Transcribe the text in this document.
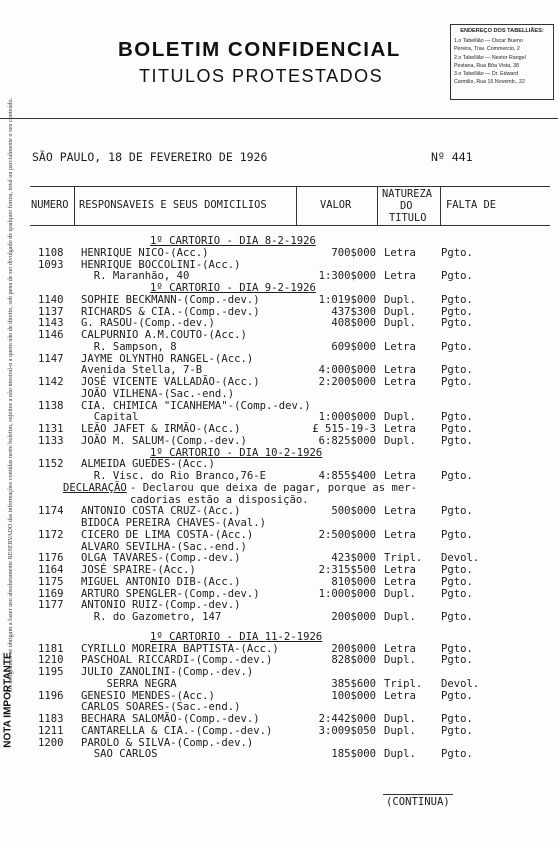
BOLETIM CONFIDENCIAL
TITULOS PROTESTADOS
ENDEREÇO DOS TABELLIÃES:
1.o Tabellião — Oscar Bueno
Pereira, Trav. Commercio, 2
2.o Tabellião — Nestor Rangel
Pestana, Rua Bôa Vista, 38
3.o Tabellião — Dr. Edward
Carmilio, Rua 15 Novemb., 22
Os assignantes se obrigam a fazer uso absolutamente RESERVADO das informações contidas neste boletim, sujeitos a não mostral-o a quem não de direito, sob pena de ser divulgado de qualquer forma, total ou parcialmente o seu conteúdo.
NOTA IMPORTANTE
SÃO PAULO, 18 DE FEVEREIRO DE 1926	Nº 441
NUMERO RESPONSAVEIS E SEUS DOMICILIOS	VALOR
NATUREZA
DO
TITULO
FALTA DE
1º CARTORIO - DIA 8-2-1926
1108 HENRIQUE NICO-(Acc.)	700$000 Letra Pgto.
1093 HENRIQUE BOCCOLINI-(Acc.)
R. Maranhão, 40	1:300$000 Letra Pgto.
1º CARTORIO - DIA 9-2-1926
1140 SOPHIE BECKMANN-(Comp.-dev.)	1:019$000 Dupl. Pgto.
1137 RICHARDS & CIA.-(Comp.-dev.)	437$300 Dupl. Pgto.
1143 G. RASOU-(Comp.-dev.)	408$000 Dupl. Pgto.
1146 CALPURNIO A.M.COUTO-(Acc.)
R. Sampson, 8	609$000 Letra Pgto.
1147 JAYME OLYNTHO RANGEL-(Acc.)
Avenida Stella, 7-B	4:000$000 Letra Pgto.
1142 JOSÉ VICENTE VALLADÃO-(Acc.)	2:200$000 Letra Pgto.
JOÃO VILHENA-(Sac.-end.)
1138 CIA. CHIMICA "ICANHEMA"-(Comp.-dev.)
Capital	1:000$000 Dupl. Pgto.
1131 LEÃO JAFET & IRMÃO-(Acc.)	£ 515-19-3 Letra Pgto.
1133 JOÃO M. SALUM-(Comp.-dev.)	6:825$000 Dupl. Pgto.
1º CARTORIO - DIA 10-2-1926
1152 ALMEIDA GUEDES-(Acc.)
R. Visc. do Rio Branco,76-E	4:855$400 Letra Pgto.
DECLARAÇÃO - Declarou que deixa de pagar, porque as mer-
cadorias estão a disposição.
1174 ANTONIO COSTA CRUZ-(Acc.)	500$000 Letra Pgto.
BIDOCA PEREIRA CHAVES-(Aval.)
1172 CICERO DE LIMA COSTA-(Acc.)	2:500$000 Letra Pgto.
ALVARO SEVILHA-(Sac.-end.)
1176 OLGA TAVARES-(Comp.-dev.)	423$000 Tripl. Devol.
1164 JOSÉ SPAIRE-(Acc.)	2:315$500 Letra Pgto.
1175 MIGUEL ANTONIO DIB-(Acc.)	810$000 Letra Pgto.
1169 ARTURO SPENGLER-(Comp.-dev.)	1:000$000 Dupl. Pgto.
1177 ANTONIO RUIZ-(Comp.-dev.)
R. do Gazometro, 147	200$000 Dupl. Pgto.
1º CARTORIO - DIA 11-2-1926
1181 CYRILLO MOREIRA BAPTISTA-(Acc.)	200$000 Letra Pgto.
1210 PASCHOAL RICCARDI-(Comp.-dev.)	828$000 Dupl. Pgto.
1195 JULIO ZANOLINI-(Comp.-dev.)
SERRA NEGRA	385$600 Tripl. Devol.
1196 GENESIO MENDES-(Acc.)	100$000 Letra Pgto.
CARLOS SOARES-(Sac.-end.)
1183 BECHARA SALOMÃO-(Comp.-dev.)	2:442$000 Dupl. Pgto.
1211 CANTARELLA & CIA.-(Comp.-dev.)	3:009$050 Dupl. Pgto.
1200 PAROLO & SILVA-(Comp.-dev.)
SAO CARLOS	185$000 Dupl. Pgto.
(CONTINUA)
